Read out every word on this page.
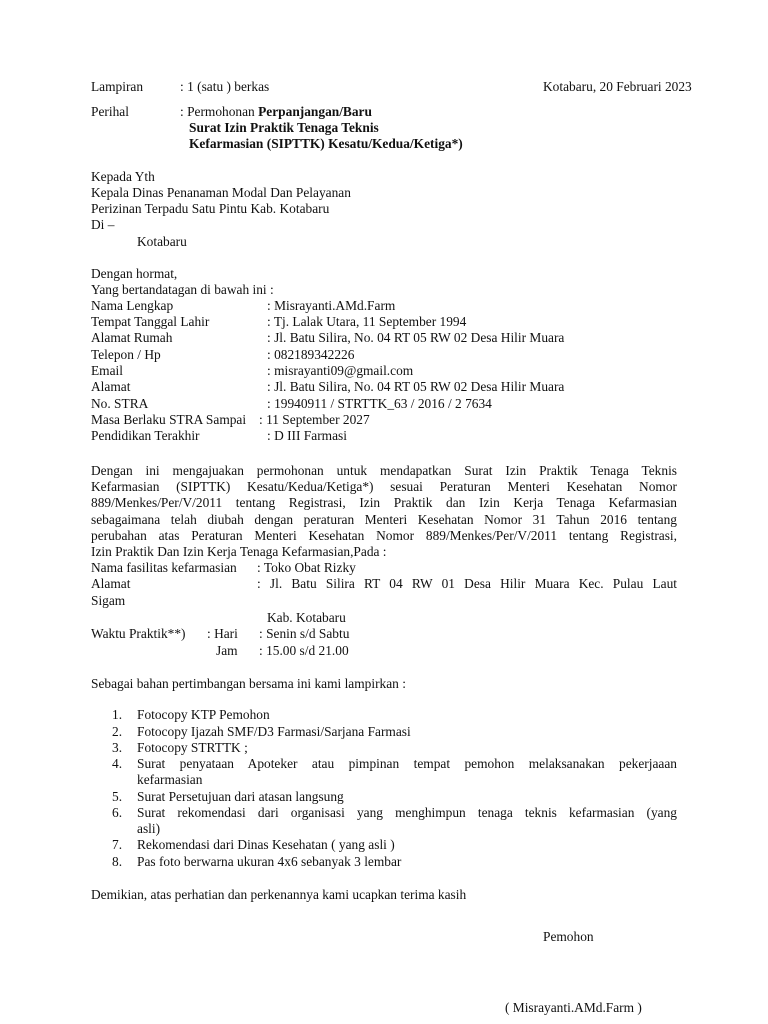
Lampiran	: 1 (satu ) berkas	Kotabaru, 20 Februari 2023
Perihal	: Permohonan Perpanjangan/Baru
Surat Izin Praktik Tenaga Teknis
Kefarmasian (SIPTTK) Kesatu/Kedua/Ketiga*)
Kepada Yth
Kepala Dinas Penanaman Modal Dan Pelayanan
Perizinan Terpadu Satu Pintu Kab. Kotabaru
Di –
Kotabaru
Dengan hormat,
Yang bertandatagan di bawah ini :
Nama Lengkap	: Misrayanti.AMd.Farm
Tempat Tanggal Lahir	: Tj. Lalak Utara, 11 September 1994
Alamat Rumah	: Jl. Batu Silira, No. 04 RT 05 RW 02 Desa Hilir Muara
Telepon / Hp	: 082189342226
Email	: misrayanti09@gmail.com
Alamat	: Jl. Batu Silira, No. 04 RT 05 RW 02 Desa Hilir Muara
No. STRA	: 19940911 / STRTTK_63 / 2016 / 2 7634
Masa Berlaku STRA Sampai : 11 September 2027
Pendidikan Terakhir	: D III Farmasi
Dengan ini mengajuakan permohonan untuk mendapatkan Surat Izin Praktik Tenaga Teknis
Kefarmasian (SIPTTK) Kesatu/Kedua/Ketiga*) sesuai Peraturan Menteri Kesehatan Nomor
889/Menkes/Per/V/2011 tentang Registrasi, Izin Praktik dan Izin Kerja Tenaga Kefarmasian
sebagaimana telah diubah dengan peraturan Menteri Kesehatan Nomor 31 Tahun 2016 tentang
perubahan atas Peraturan Menteri Kesehatan Nomor 889/Menkes/Per/V/2011 tentang Registrasi,
Izin Praktik Dan Izin Kerja Tenaga Kefarmasian,Pada :
Nama fasilitas kefarmasian : Toko Obat Rizky
Alamat	: Jl. Batu Silira RT 04 RW 01 Desa Hilir Muara Kec. Pulau Laut
Sigam
Kab. Kotabaru
Waktu Praktik**) : Hari : Senin s/d Sabtu
Jam : 15.00 s/d 21.00
Sebagai bahan pertimbangan bersama ini kami lampirkan :
1. Fotocopy KTP Pemohon
2. Fotocopy Ijazah SMF/D3 Farmasi/Sarjana Farmasi
3. Fotocopy STRTTK ;
4. Surat penyataan Apoteker atau pimpinan tempat pemohon melaksanakan pekerjaaan
kefarmasian
5. Surat Persetujuan dari atasan langsung
6. Surat rekomendasi dari organisasi yang menghimpun tenaga teknis kefarmasian (yang
asli)
7. Rekomendasi dari Dinas Kesehatan ( yang asli )
8. Pas foto berwarna ukuran 4x6 sebanyak 3 lembar
Demikian, atas perhatian dan perkenannya kami ucapkan terima kasih
Pemohon
( Misrayanti.AMd.Farm )
